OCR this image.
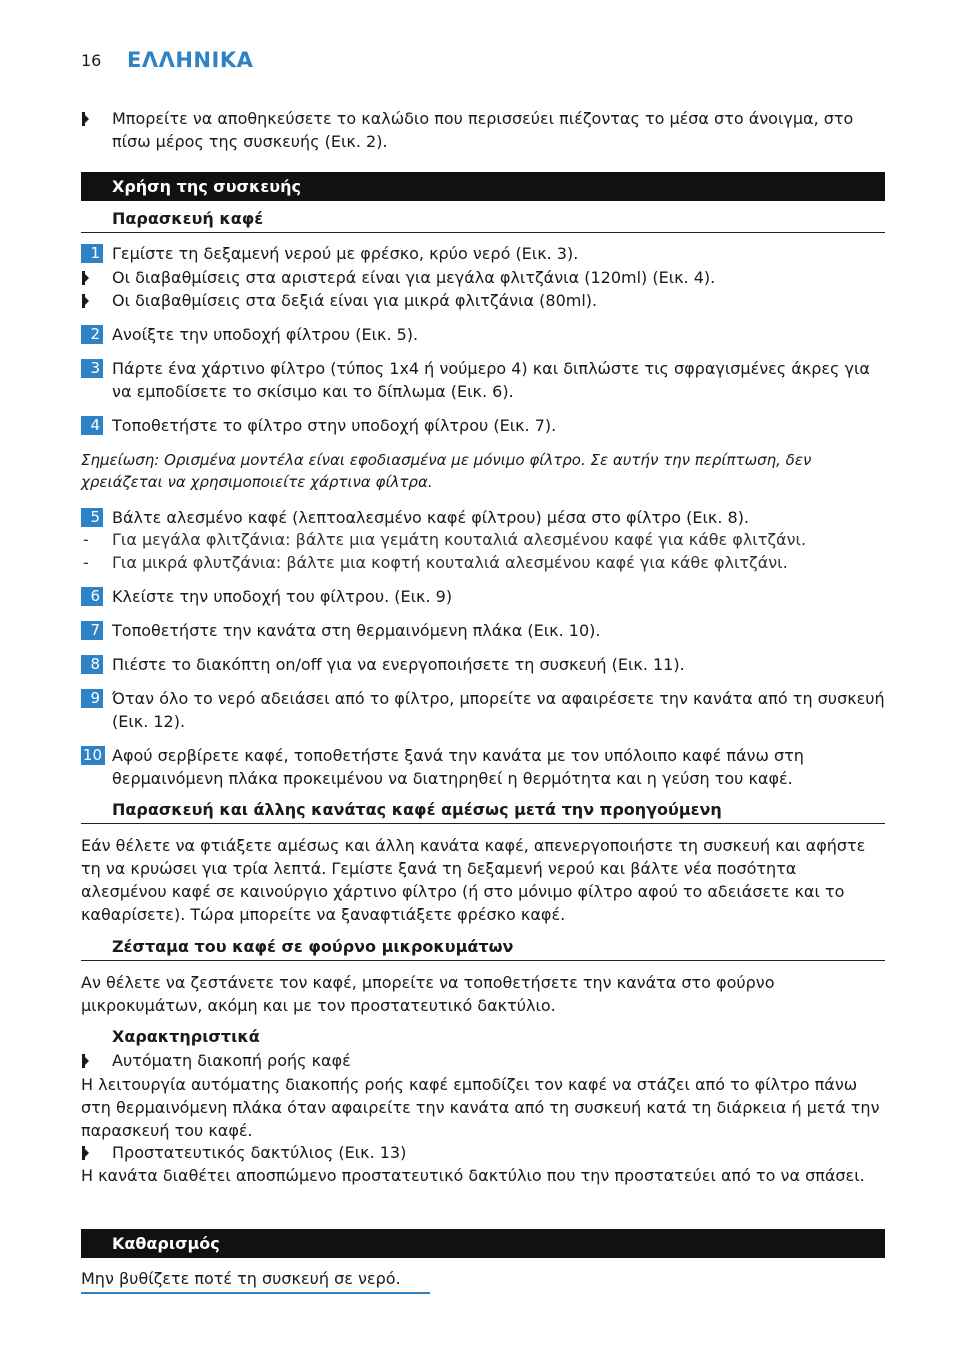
16 ΕΛΛΗΝΙΚΑ
Μπορείτε να αποθηκεύσετε το καλώδιο που περισσεύει πιέζοντας το μέσα στο άνοιγμα, στο πίσω μέρος της συσκευής (Εικ. 2).
Χρήση της συσκευής
Παρασκευή καφέ
1 Γεμίστε τη δεξαμενή νερού με φρέσκο, κρύο νερό (Εικ. 3).
Οι διαβαθμίσεις στα αριστερά είναι για μεγάλα φλιτζάνια (120ml) (Εικ. 4).
Οι διαβαθμίσεις στα δεξιά είναι για μικρά φλιτζάνια (80ml).
2 Ανοίξτε την υποδοχή φίλτρου (Εικ. 5).
3 Πάρτε ένα χάρτινο φίλτρο (τύπος 1x4 ή νούμερο 4) και διπλώστε τις σφραγισμένες άκρες για να εμποδίσετε το σκίσιμο και το δίπλωμα (Εικ. 6).
4 Τοποθετήστε το φίλτρο στην υποδοχή φίλτρου (Εικ. 7).
Σημείωση: Ορισμένα μοντέλα είναι εφοδιασμένα με μόνιμο φίλτρο. Σε αυτήν την περίπτωση, δεν χρειάζεται να χρησιμοποιείτε χάρτινα φίλτρα.
5 Βάλτε αλεσμένο καφέ (λεπτοαλεσμένο καφέ φίλτρου) μέσα στο φίλτρο (Εικ. 8).
- Για μεγάλα φλιτζάνια: βάλτε μια γεμάτη κουταλιά αλεσμένου καφέ για κάθε φλιτζάνι.
- Για μικρά φλυτζάνια: βάλτε μια κοφτή κουταλιά αλεσμένου καφέ για κάθε φλιτζάνι.
6 Κλείστε την υποδοχή του φίλτρου. (Εικ. 9)
7 Τοποθετήστε την κανάτα στη θερμαινόμενη πλάκα (Εικ. 10).
8 Πιέστε το διακόπτη on/off για να ενεργοποιήσετε τη συσκευή (Εικ. 11).
9 Όταν όλο το νερό αδειάσει από το φίλτρο, μπορείτε να αφαιρέσετε την κανάτα από τη συσκευή (Εικ. 12).
10 Αφού σερβίρετε καφέ, τοποθετήστε ξανά την κανάτα με τον υπόλοιπο καφέ πάνω στη θερμαινόμενη πλάκα προκειμένου να διατηρηθεί η θερμότητα και η γεύση του καφέ.
Παρασκευή και άλλης κανάτας καφέ αμέσως μετά την προηγούμενη
Εάν θέλετε να φτιάξετε αμέσως και άλλη κανάτα καφέ, απενεργοποιήστε τη συσκευή και αφήστε τη να κρυώσει για τρία λεπτά. Γεμίστε ξανά τη δεξαμενή νερού και βάλτε νέα ποσότητα αλεσμένου καφέ σε καινούργιο χάρτινο φίλτρο (ή στο μόνιμο φίλτρο αφού το αδειάσετε και το καθαρίσετε). Τώρα μπορείτε να ξαναφτιάξετε φρέσκο καφέ.
Ζέσταμα του καφέ σε φούρνο μικροκυμάτων
Αν θέλετε να ζεστάνετε τον καφέ, μπορείτε να τοποθετήσετε την κανάτα στο φούρνο μικροκυμάτων, ακόμη και με τον προστατευτικό δακτύλιο.
Χαρακτηριστικά
Αυτόματη διακοπή ροής καφέ
Η λειτουργία αυτόματης διακοπής ροής καφέ εμποδίζει τον καφέ να στάζει από το φίλτρο πάνω στη θερμαινόμενη πλάκα όταν αφαιρείτε την κανάτα από τη συσκευή κατά τη διάρκεια ή μετά την παρασκευή του καφέ.
Προστατευτικός δακτύλιος (Εικ. 13)
Η κανάτα διαθέτει αποσπώμενο προστατευτικό δακτύλιο που την προστατεύει από το να σπάσει.
Καθαρισμός
Μην βυθίζετε ποτέ τη συσκευή σε νερό.
